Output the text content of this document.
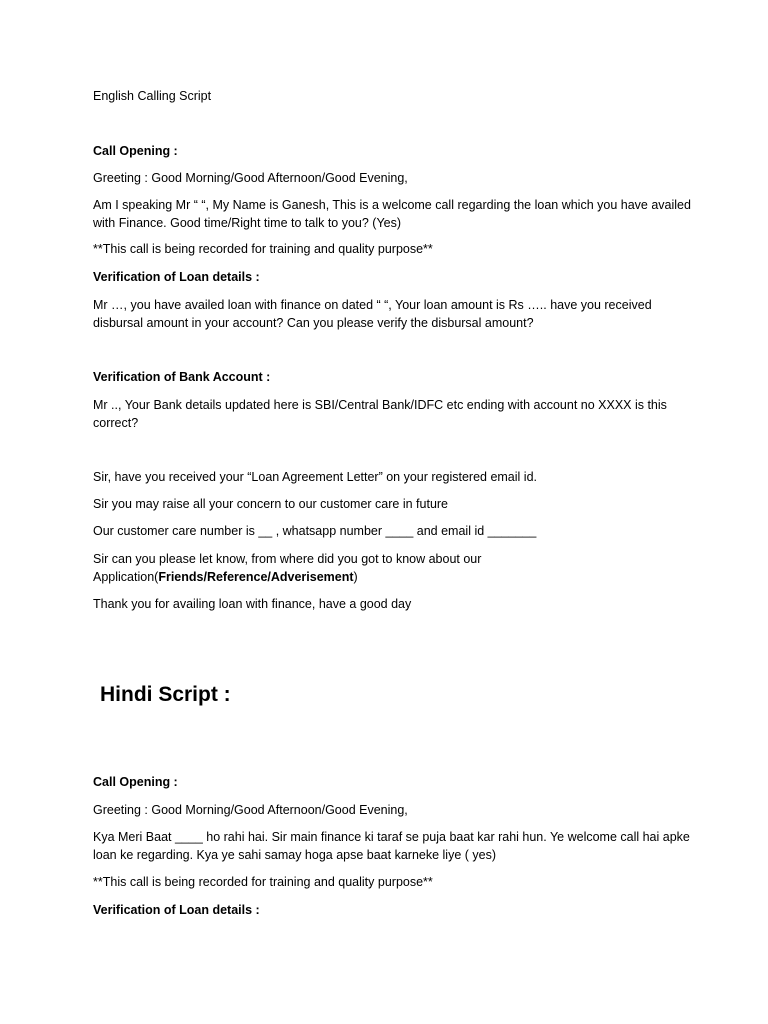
English Calling Script
Call Opening :
Greeting : Good Morning/Good Afternoon/Good Evening,
Am I speaking Mr “ “, My Name is Ganesh, This is a welcome call regarding the loan which you have availed with Finance. Good time/Right time to talk to you? (Yes)
**This call is being recorded for training and quality purpose**
Verification of Loan details :
Mr …, you have availed loan with finance on dated “ “, Your loan amount is Rs ….. have you received disbursal amount in your account? Can you please verify the disbursal amount?
Verification of Bank Account :
Mr .., Your Bank details updated here is SBI/Central Bank/IDFC etc ending with account no XXXX is this correct?
Sir, have you received your “Loan Agreement Letter” on your registered email id.
Sir you may raise all your concern to our customer care in future
Our customer care number is __ , whatsapp number ____ and email id _______
Sir can you please let know, from where did you got to know about our
Application(Friends/Reference/Adverisement)
Thank you for availing loan with finance, have a good day
Hindi Script :
Call Opening :
Greeting : Good Morning/Good Afternoon/Good Evening,
Kya Meri Baat ____ ho rahi hai. Sir main finance ki taraf se puja baat kar rahi hun. Ye welcome call hai apke loan ke regarding. Kya ye sahi samay hoga apse baat karneke liye ( yes)
**This call is being recorded for training and quality purpose**
Verification of Loan details :
